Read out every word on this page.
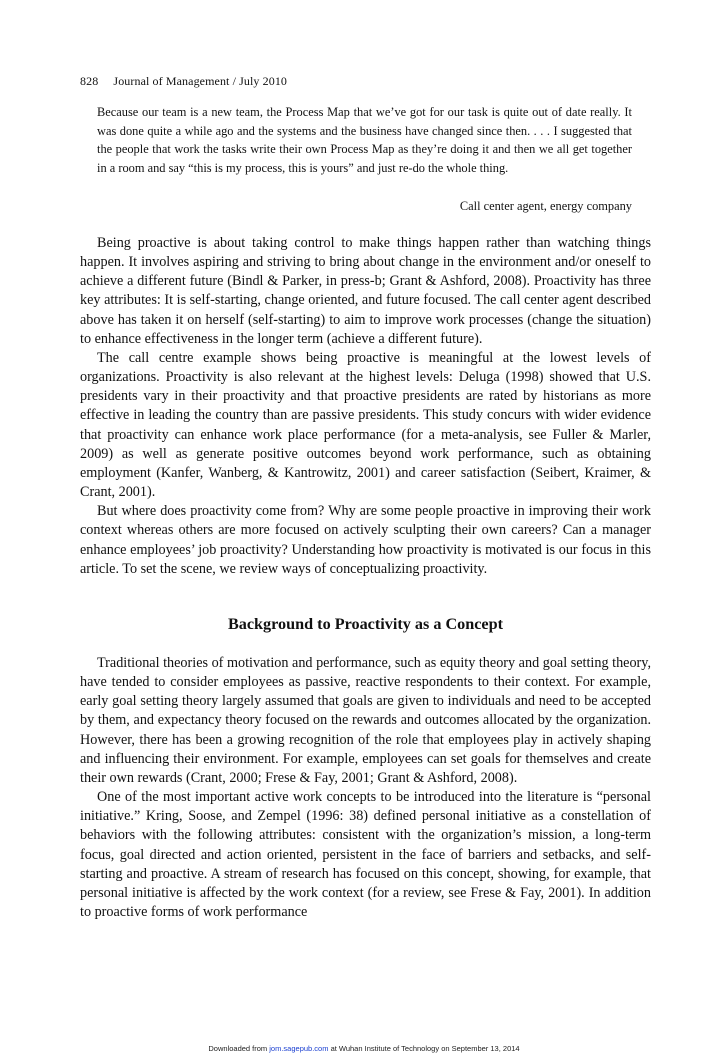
828 Journal of Management / July 2010
Because our team is a new team, the Process Map that we’ve got for our task is quite out of date really. It was done quite a while ago and the systems and the business have changed since then. . . . I suggested that the people that work the tasks write their own Process Map as they’re doing it and then we all get together in a room and say “this is my process, this is yours” and just re-do the whole thing.
Call center agent, energy company

Being proactive is about taking control to make things happen rather than watching things happen. It involves aspiring and striving to bring about change in the environment and/or oneself to achieve a different future (Bindl & Parker, in press-b; Grant & Ashford, 2008). Proactivity has three key attributes: It is self-starting, change oriented, and future focused. The call center agent described above has taken it on herself (self-starting) to aim to improve work processes (change the situation) to enhance effectiveness in the longer term (achieve a different future).

The call centre example shows being proactive is meaningful at the lowest levels of organizations. Proactivity is also relevant at the highest levels: Deluga (1998) showed that U.S. presidents vary in their proactivity and that proactive presidents are rated by historians as more effective in leading the country than are passive presidents. This study concurs with wider evidence that proactivity can enhance work place performance (for a meta-analysis, see Fuller & Marler, 2009) as well as generate positive outcomes beyond work performance, such as obtaining employment (Kanfer, Wanberg, & Kantrowitz, 2001) and career satisfaction (Seibert, Kraimer, & Crant, 2001).

But where does proactivity come from? Why are some people proactive in improving their work context whereas others are more focused on actively sculpting their own careers? Can a manager enhance employees’ job proactivity? Understanding how proactivity is motivated is our focus in this article. To set the scene, we review ways of conceptualizing proactivity.

Background to Proactivity as a Concept

Traditional theories of motivation and performance, such as equity theory and goal setting theory, have tended to consider employees as passive, reactive respondents to their context. For example, early goal setting theory largely assumed that goals are given to individuals and need to be accepted by them, and expectancy theory focused on the rewards and outcomes allocated by the organization. However, there has been a growing recognition of the role that employees play in actively shaping and influencing their environment. For example, employees can set goals for themselves and create their own rewards (Crant, 2000; Frese & Fay, 2001; Grant & Ashford, 2008).

One of the most important active work concepts to be introduced into the literature is “personal initiative.” Kring, Soose, and Zempel (1996: 38) defined personal initiative as a constellation of behaviors with the following attributes: consistent with the organization’s mission, a long-term focus, goal directed and action oriented, persistent in the face of barriers and setbacks, and self-starting and proactive. A stream of research has focused on this concept, showing, for example, that personal initiative is affected by the work context (for a review, see Frese & Fay, 2001). In addition to proactive forms of work performance

Downloaded from jom.sagepub.com at Wuhan Institute of Technology on September 13, 2014
